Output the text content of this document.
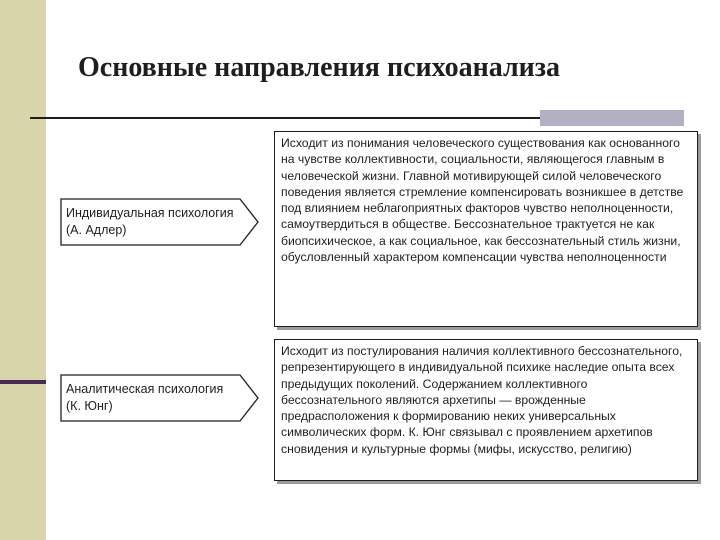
Основные направления психоанализа
Индивидуальная психология (А. Адлер)
Исходит из понимания человеческого существования как основанного на чувстве коллективности, социальности, являющегося главным в человеческой жизни. Главной мотивирующей силой человеческого поведения является стремление компенсировать возникшее в детстве под влиянием неблагоприятных факторов чувство неполноценности, самоутвердиться в обществе. Бессознательное трактуется не как биопсихическое, а как социальное, как бессознательный стиль жизни, обусловленный характером компенсации чувства неполноценности
Аналитическая психология (К. Юнг)
Исходит из постулирования наличия коллективного бессознательного, репрезентирующего в индивидуальной психике наследие опыта всех предыдущих поколений. Содержанием коллективного бессознательного являются архетипы — врожденные предрасположения к формированию неких универсальных символических форм. К. Юнг связывал с проявлением архетипов сновидения и культурные формы (мифы, искусство, религию)
